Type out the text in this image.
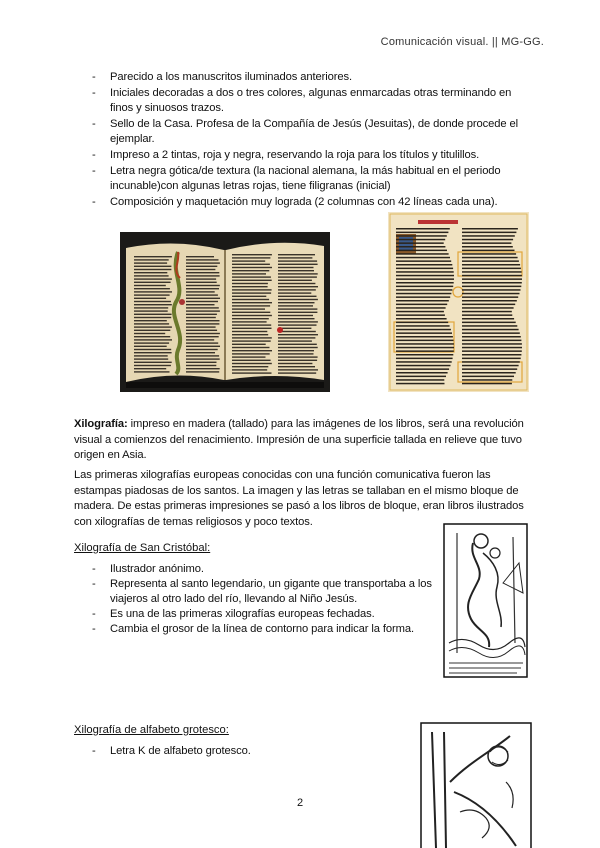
Comunicación visual. || MG-GG.
- Parecido a los manuscritos iluminados anteriores.
- Iniciales decoradas a dos o tres colores, algunas enmarcadas otras terminando en finos y sinuosos trazos.
- Sello de la Casa. Profesa de la Compañía de Jesús (Jesuitas), de donde procede el ejemplar.
- Impreso a 2 tintas, roja y negra, reservando la roja para los títulos y titulillos.
- Letra negra gótica/de textura (la nacional alemana, la más habitual en el periodo incunable)con algunas letras rojas, tiene filigranas (inicial)
- Composición y maquetación muy lograda (2 columnas con 42 líneas cada una).

Xilografía: impreso en madera (tallado) para las imágenes de los libros, será una revolución visual a comienzos del renacimiento. Impresión de una superficie tallada en relieve que tuvo origen en Asia.

Las primeras xilografías europeas conocidas con una función comunicativa fueron las estampas piadosas de los santos. La imagen y las letras se tallaban en el mismo bloque de madera. De estas primeras impresiones se pasó a los libros de bloque, eran libros ilustrados con xilografías de temas religiosos y poco textos.

Xilografía de San Cristóbal:

- Ilustrador anónimo.
- Representa al santo legendario, un gigante que transportaba a los viajeros al otro lado del río, llevando al Niño Jesús.
- Es una de las primeras xilografías europeas fechadas.
- Cambia el grosor de la línea de contorno para indicar la forma.

Xilografía de alfabeto grotesco:

- Letra K de alfabeto grotesco.
2
